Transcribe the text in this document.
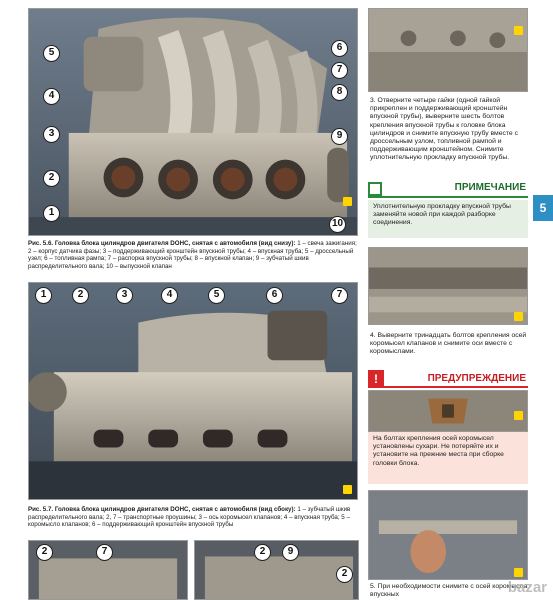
5
4
3
2
1
6
7
8
9
10
Рис. 5.6. Головка блока цилиндров двигателя DOHC, снятая с автомобиля (вид снизу): 1 – свеча зажигания; 2 – корпус датчика фазы; 3 – поддерживающий кронштейн впускной трубы; 4 – впускная труба; 5 – дроссельный узел; 6 – топливная рампа; 7 – распорка впускной трубы; 8 – впускной клапан; 9 – зубчатый шкив распределительного вала; 10 – выпускной клапан
1	2	3	4	5	6	7
Рис. 5.7. Головка блока цилиндров двигателя DOHC, снятая с автомобиля (вид сбоку): 1 – зубчатый шкив распределительного вала; 2, 7 – транспортные проушины; 3 – ось коромысел клапанов; 4 – впускная труба; 5 – коромысло клапанов; 6 – поддерживающий кронштейн впускной трубы
2	7	2	9
2
3. Отверните четыре гайки (одной гайкой прикреплен и поддерживающий кронштейн впускной трубы), выверните шесть болтов крепления впускной трубы к головке блока цилиндров и снимите впускную трубу вместе с дроссельным узлом, топливной рампой и поддерживающим кронштейном. Снимите уплотнительную прокладку впускной трубы.
ПРИМЕЧАНИЕ
Уплотнительную прокладку впускной трубы заменяйте новой при каждой разборке соединения.
5
4. Выверните тринадцать болтов крепления осей коромысел клапанов и снимите оси вместе с коромыслами.
!	ПРЕДУПРЕЖДЕНИЕ
На болтах крепления осей коромысел установлены сухари. Не потеряйте их и установите на прежние места при сборке головки блока.
5. При необходимости снимите с осей коромысла впускных	bazar
